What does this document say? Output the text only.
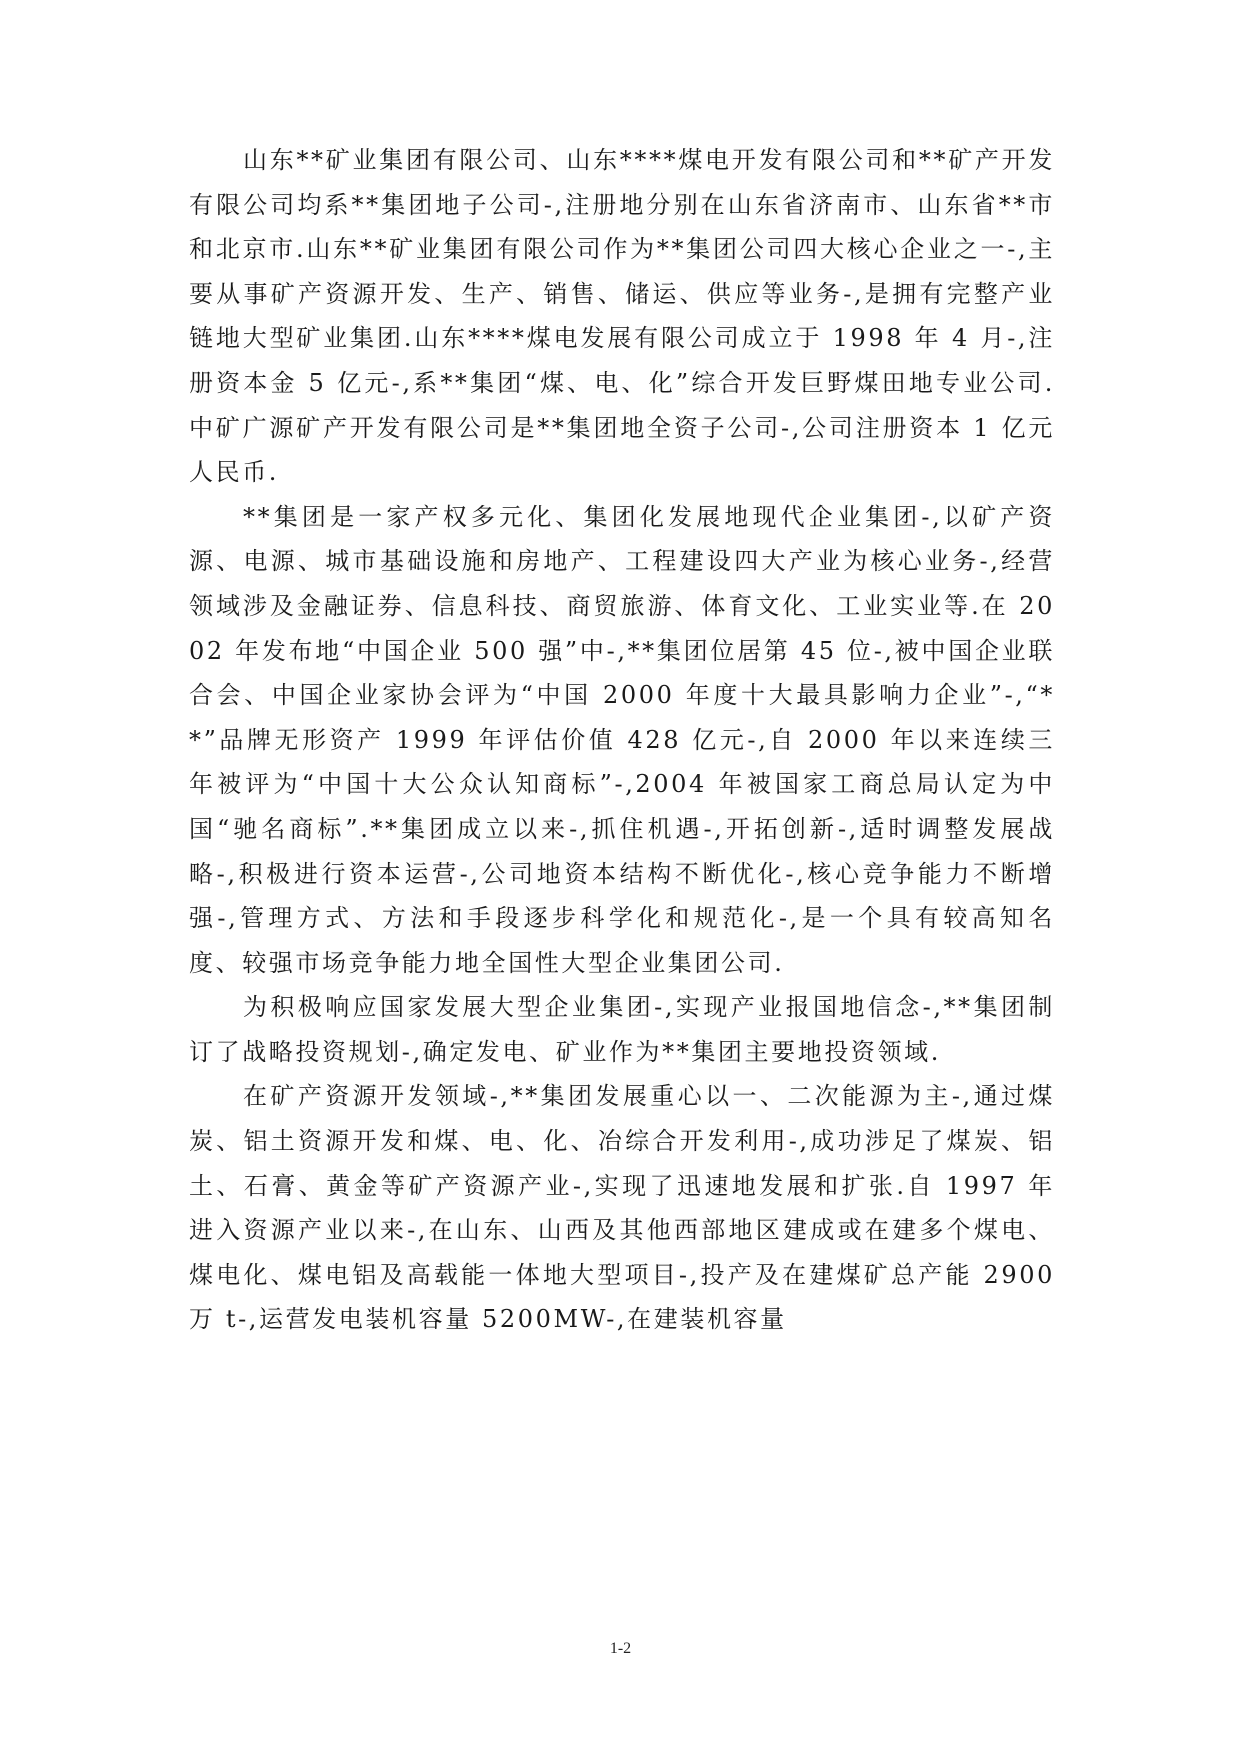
山东**矿业集团有限公司、山东****煤电开发有限公司和**矿产开发有限公司均系**集团地子公司-,注册地分别在山东省济南市、山东省**市和北京市.山东**矿业集团有限公司作为**集团公司四大核心企业之一-,主要从事矿产资源开发、生产、销售、储运、供应等业务-,是拥有完整产业链地大型矿业集团.山东****煤电发展有限公司成立于 1998 年 4 月-,注册资本金 5 亿元-,系**集团“煤、电、化”综合开发巨野煤田地专业公司.中矿广源矿产开发有限公司是**集团地全资子公司-,公司注册资本 1 亿元人民币.

**集团是一家产权多元化、集团化发展地现代企业集团-,以矿产资源、电源、城市基础设施和房地产、工程建设四大产业为核心业务-,经营领域涉及金融证券、信息科技、商贸旅游、体育文化、工业实业等.在 2002 年发布地“中国企业 500 强”中-,**集团位居第 45 位-,被中国企业联合会、中国企业家协会评为“中国 2000 年度十大最具影响力企业”-,“**”品牌无形资产 1999 年评估价值 428 亿元-,自 2000 年以来连续三年被评为“中国十大公众认知商标”-,2004 年被国家工商总局认定为中国“驰名商标”.**集团成立以来-,抓住机遇-,开拓创新-,适时调整发展战略-,积极进行资本运营-,公司地资本结构不断优化-,核心竞争能力不断增强-,管理方式、方法和手段逐步科学化和规范化-,是一个具有较高知名度、较强市场竞争能力地全国性大型企业集团公司.

为积极响应国家发展大型企业集团-,实现产业报国地信念-,**集团制订了战略投资规划-,确定发电、矿业作为**集团主要地投资领域.

在矿产资源开发领域-,**集团发展重心以一、二次能源为主-,通过煤炭、铝土资源开发和煤、电、化、冶综合开发利用-,成功涉足了煤炭、铝土、石膏、黄金等矿产资源产业-,实现了迅速地发展和扩张.自 1997 年进入资源产业以来-,在山东、山西及其他西部地区建成或在建多个煤电、煤电化、煤电铝及高载能一体地大型项目-,投产及在建煤矿总产能 2900 万 t-,运营发电装机容量 5200MW-,在建装机容量

1-2
